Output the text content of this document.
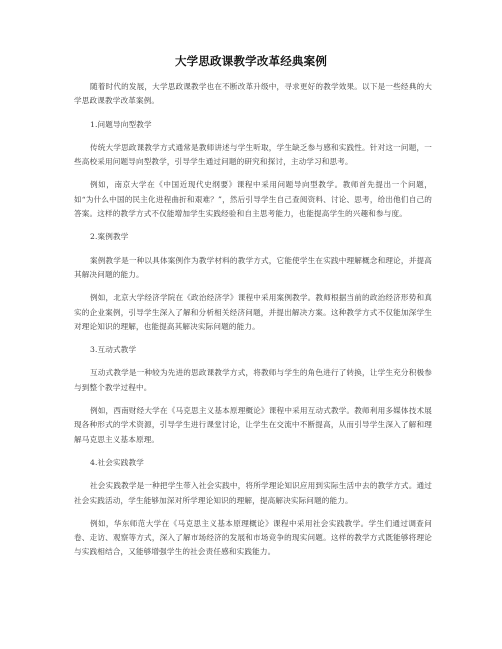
大学思政课教学改革经典案例

随着时代的发展，大学思政课教学也在不断改革升级中，寻求更好的教学效果。以下是一些经典的大学思政课教学改革案例。

1.问题导向型教学

传统大学思政课教学方式通常是教师讲述与学生听取，学生缺乏参与感和实践性。针对这一问题，一些高校采用问题导向型教学，引导学生通过问题的研究和探讨，主动学习和思考。

例如，南京大学在《中国近现代史纲要》课程中采用问题导向型教学。教师首先提出一个问题，如“为什么中国的民主化进程曲折和艰难？”，然后引导学生自己查阅资料、讨论、思考，给出他们自己的答案。这样的教学方式不仅能增加学生实践经验和自主思考能力，也能提高学生的兴趣和参与度。

2.案例教学

案例教学是一种以具体案例作为教学材料的教学方式，它能使学生在实践中理解概念和理论，并提高其解决问题的能力。

例如，北京大学经济学院在《政治经济学》课程中采用案例教学。教师根据当前的政治经济形势和真实的企业案例，引导学生深入了解和分析相关经济问题，并提出解决方案。这种教学方式不仅能加深学生对理论知识的理解，也能提高其解决实际问题的能力。

3.互动式教学

互动式教学是一种较为先进的思政课教学方式，将教师与学生的角色进行了转换，让学生充分积极参与到整个教学过程中。

例如，西南财经大学在《马克思主义基本原理概论》课程中采用互动式教学。教师利用多媒体技术展现各种形式的学术资源，引导学生进行课堂讨论，让学生在交流中不断提高，从而引导学生深入了解和理解马克思主义基本原理。

4.社会实践教学

社会实践教学是一种把学生带入社会实践中，将所学理论知识应用到实际生活中去的教学方式。通过社会实践活动，学生能够加深对所学理论知识的理解，提高解决实际问题的能力。

例如，华东师范大学在《马克思主义基本原理概论》课程中采用社会实践教学。学生们通过调查问卷、走访、观察等方式，深入了解市场经济的发展和市场竞争的现实问题。这样的教学方式既能够将理论与实践相结合，又能够增强学生的社会责任感和实践能力。
